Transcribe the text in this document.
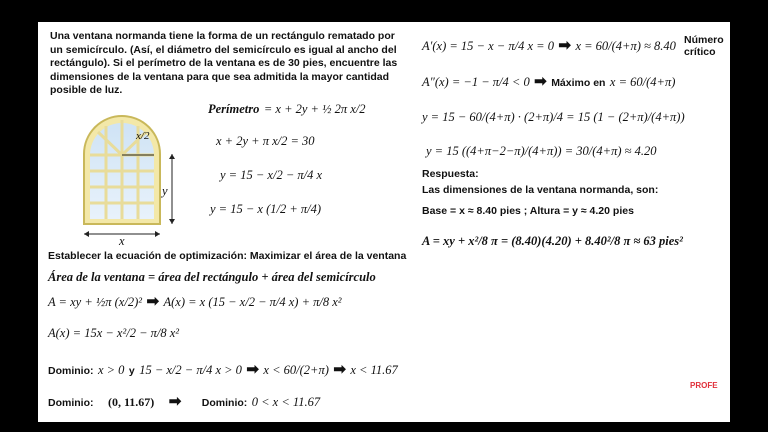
Una ventana normanda tiene la forma de un rectángulo rematado por un semicírculo. (Así, el diámetro del semicírculo es igual al ancho del rectángulo). Si el perímetro de la ventana es de 30 pies, encuentre las dimensiones de la ventana para que sea admitida la mayor cantidad posible de luz.
x/2
y
x
Perímetro = x + 2y + ½ 2π x/2
x + 2y + π x/2 = 30
y = 15 − x/2 − π/4 x
y = 15 − x (1/2 + π/4)
Establecer la ecuación de optimización: Maximizar el área de la ventana
Área de la ventana = área del rectángulo + área del semicírculo
A = xy + ½π (x/2)² ➡ A(x) = x (15 − x/2 − π/4 x) + π/8 x²
A(x) = 15x − x²/2 − π/8 x²
Dominio: x > 0 y 15 − x/2 − π/4 x > 0 ➡ x < 60/(2+π) ➡ x < 11.67
Dominio: (0, 11.67) ➡ Dominio: 0 < x < 11.67
A′(x) = 15 − x − π/4 x = 0 ➡ x = 60/(4+π) ≈ 8.40 Número crítico
A″(x) = −1 − π/4 < 0 ➡ Máximo en x = 60/(4+π)
y = 15 − 60/(4+π) · (2+π)/4 = 15 (1 − (2+π)/(4+π))
y = 15 ((4+π−2−π)/(4+π)) = 30/(4+π) ≈ 4.20
Respuesta:
Las dimensiones de la ventana normanda, son:
Base = x ≈ 8.40 pies ; Altura = y ≈ 4.20 pies
A = xy + x²/8 π = (8.40)(4.20) + 8.40²/8 π ≈ 63 pies²
PROFE
NTO
